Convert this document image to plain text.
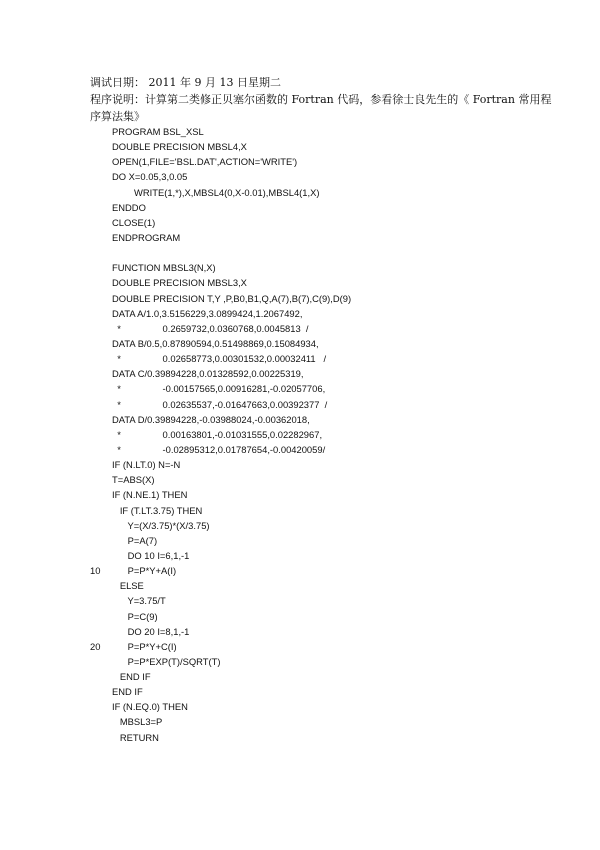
调试日期： 2011 年 9 月 13 日星期二
程序说明：计算第二类修正贝塞尔函数的 Fortran 代码，参看徐士良先生的《 Fortran 常用程
序算法集》
PROGRAM BSL_XSL
DOUBLE PRECISION MBSL4,X
OPEN(1,FILE='BSL.DAT',ACTION='WRITE')
DO X=0.05,3,0.05
WRITE(1,*),X,MBSL4(0,X-0.01),MBSL4(1,X)
ENDDO
CLOSE(1)
ENDPROGRAM
FUNCTION MBSL3(N,X)
DOUBLE PRECISION MBSL3,X
DOUBLE PRECISION T,Y ,P,B0,B1,Q,A(7),B(7),C(9),D(9)
DATA A/1.0,3.5156229,3.0899424,1.2067492,
*                0.2659732,0.0360768,0.0045813  /
DATA B/0.5,0.87890594,0.51498869,0.15084934,
*                0.02658773,0.00301532,0.00032411   /
DATA C/0.39894228,0.01328592,0.00225319,
*                -0.00157565,0.00916281,-0.02057706,
*                0.02635537,-0.01647663,0.00392377  /
DATA D/0.39894228,-0.03988024,-0.00362018,
*                0.00163801,-0.01031555,0.02282967,
*                -0.02895312,0.01787654,-0.00420059/
IF (N.LT.0) N=-N
T=ABS(X)
IF (N.NE.1) THEN
IF (T.LT.3.75) THEN
Y=(X/3.75)*(X/3.75)
P=A(7)
DO 10 I=6,1,-1
10 P=P*Y+A(I)
ELSE
Y=3.75/T
P=C(9)
DO 20 I=8,1,-1
20 P=P*Y+C(I)
P=P*EXP(T)/SQRT(T)
END IF
END IF
IF (N.EQ.0) THEN
MBSL3=P
RETURN
